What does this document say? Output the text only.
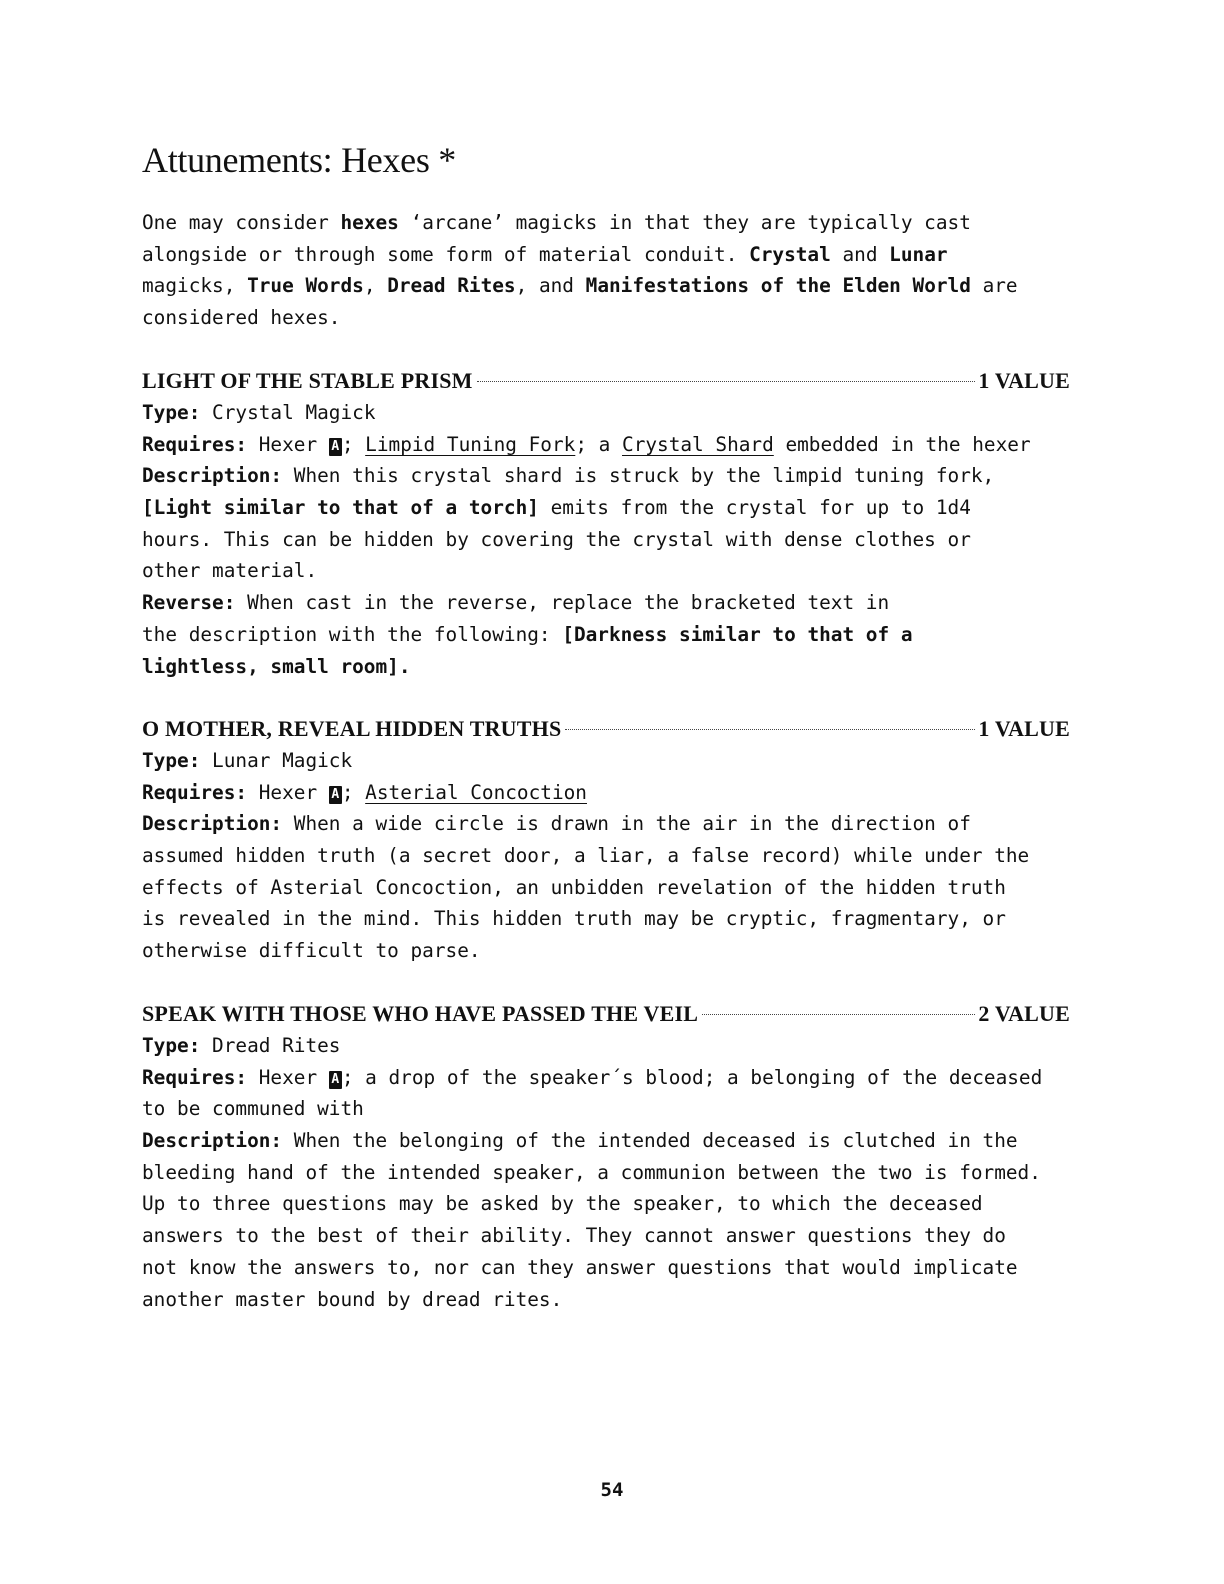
Attunements: Hexes *
One may consider hexes ‘arcane’ magicks in that they are typically cast
alongside or through some form of material conduit. Crystal and Lunar
magicks, True Words, Dread Rites, and Manifestations of the Elden World are
considered hexes.
LIGHT OF THE STABLE PRISM	1 VALUE
Type: Crystal Magick
Requires: Hexer A ; Limpid Tuning Fork; a Crystal Shard embedded in the hexer
Description: When this crystal shard is struck by the limpid tuning fork,
[Light similar to that of a torch] emits from the crystal for up to 1d4
hours. This can be hidden by covering the crystal with dense clothes or
other material.
Reverse: When cast in the reverse, replace the bracketed text in
the description with the following: [Darkness similar to that of a
lightless, small room].
O MOTHER, REVEAL HIDDEN TRUTHS	1 VALUE
Type: Lunar Magick
Requires: Hexer A ; Asterial Concoction
Description: When a wide circle is drawn in the air in the direction of
assumed hidden truth (a secret door, a liar, a false record) while under the
effects of Asterial Concoction, an unbidden revelation of the hidden truth
is revealed in the mind. This hidden truth may be cryptic, fragmentary, or
otherwise difficult to parse.
SPEAK WITH THOSE WHO HAVE PASSED THE VEIL	2 VALUE
Type: Dread Rites
Requires: Hexer A ; a drop of the speaker´s blood; a belonging of the deceased
to be communed with
Description: When the belonging of the intended deceased is clutched in the
bleeding hand of the intended speaker, a communion between the two is formed.
Up to three questions may be asked by the speaker, to which the deceased
answers to the best of their ability. They cannot answer questions they do
not know the answers to, nor can they answer questions that would implicate
another master bound by dread rites.
54
